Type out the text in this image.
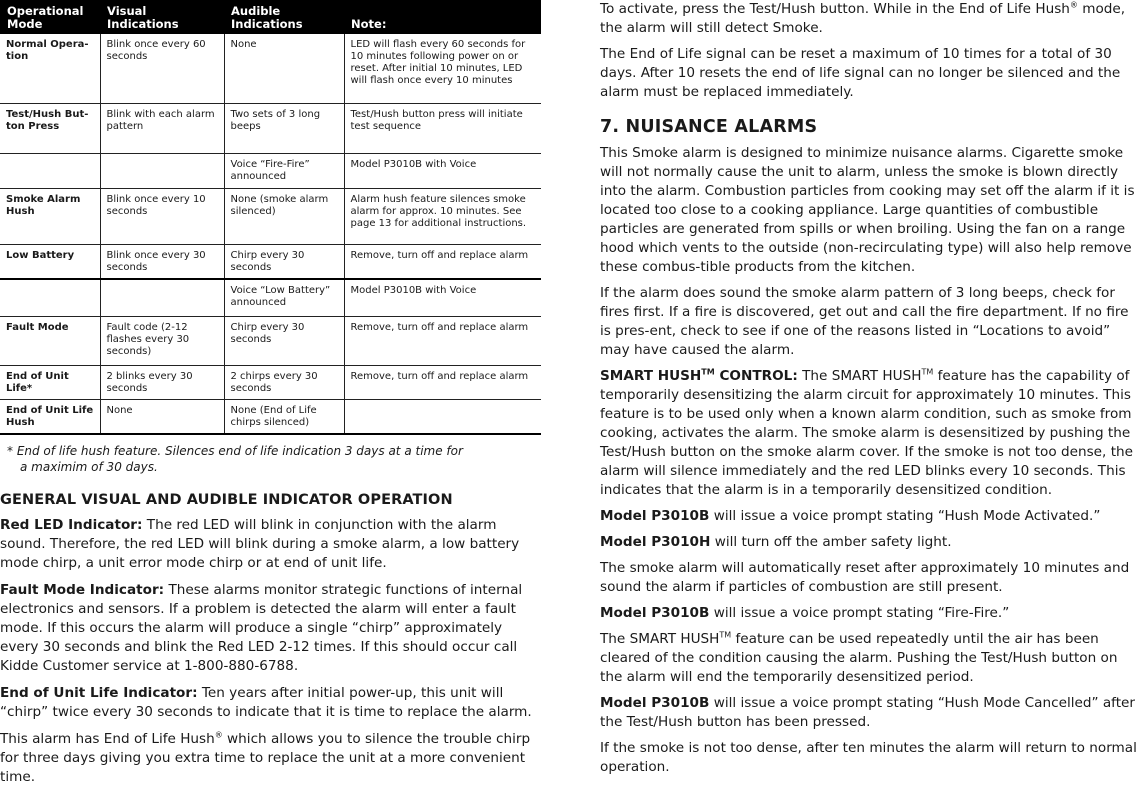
Operational Mode	Visual Indications	Audible Indications	Note:
Normal Opera-tion	Blink once every 60 seconds	None	LED will flash every 60 seconds for 10 minutes following power on or reset. After initial 10 minutes, LED will flash once every 10 minutes
Test/Hush But-ton Press	Blink with each alarm pattern	Two sets of 3 long beeps	Test/Hush button press will initiate test sequence
		Voice “Fire-Fire” announced	Model P3010B with Voice
Smoke Alarm Hush	Blink once every 10 seconds	None (smoke alarm silenced)	Alarm hush feature silences smoke alarm for approx. 10 minutes. See page 13 for additional instructions.
Low Battery	Blink once every 30 seconds	Chirp every 30 seconds	Remove, turn off and replace alarm
		Voice “Low Battery” announced	Model P3010B with Voice
Fault Mode	Fault code (2-12 flashes every 30 seconds)	Chirp every 30 seconds	Remove, turn off and replace alarm
End of Unit Life*	2 blinks every 30 seconds	2 chirps every 30 seconds	Remove, turn off and replace alarm
End of Unit Life Hush	None	None (End of Life chirps silenced)	
* End of life hush feature. Silences end of life indication 3 days at a time for
a maximim of 30 days.
GENERAL VISUAL AND AUDIBLE INDICATOR OPERATION

Red LED Indicator: The red LED will blink in conjunction with the alarm sound. Therefore, the red LED will blink during a smoke alarm, a low battery mode chirp, a unit error mode chirp or at end of unit life.

Fault Mode Indicator: These alarms monitor strategic functions of internal electronics and sensors. If a problem is detected the alarm will enter a fault mode. If this occurs the alarm will produce a single “chirp” approximately every 30 seconds and blink the Red LED 2-12 times. If this should occur call Kidde Customer service at 1-800-880-6788.

End of Unit Life Indicator: Ten years after initial power-up, this unit will “chirp” twice every 30 seconds to indicate that it is time to replace the alarm.

This alarm has End of Life Hush® which allows you to silence the trouble chirp for three days giving you extra time to replace the unit at a more convenient time.

To activate, press the Test/Hush button. While in the End of Life Hush® mode, the alarm will still detect Smoke.

The End of Life signal can be reset a maximum of 10 times for a total of 30 days. After 10 resets the end of life signal can no longer be silenced and the alarm must be replaced immediately.

7. NUISANCE ALARMS

This Smoke alarm is designed to minimize nuisance alarms. Cigarette smoke will not normally cause the unit to alarm, unless the smoke is blown directly into the alarm. Combustion particles from cooking may set off the alarm if it is located too close to a cooking appliance. Large quantities of combustible particles are generated from spills or when broiling. Using the fan on a range hood which vents to the outside (non-recirculating type) will also help remove these combus-tible products from the kitchen.

If the alarm does sound the smoke alarm pattern of 3 long beeps, check for fires first. If a fire is discovered, get out and call the fire department. If no fire is pres-ent, check to see if one of the reasons listed in “Locations to avoid” may have caused the alarm.

SMART HUSH™ CONTROL: The SMART HUSH™ feature has the capability of temporarily desensitizing the alarm circuit for approximately 10 minutes. This feature is to be used only when a known alarm condition, such as smoke from cooking, activates the alarm. The smoke alarm is desensitized by pushing the Test/Hush button on the smoke alarm cover. If the smoke is not too dense, the alarm will silence immediately and the red LED blinks every 10 seconds. This indicates that the alarm is in a temporarily desensitized condition.

Model P3010B will issue a voice prompt stating “Hush Mode Activated.”

Model P3010H will turn off the amber safety light.

The smoke alarm will automatically reset after approximately 10 minutes and sound the alarm if particles of combustion are still present.

Model P3010B will issue a voice prompt stating “Fire-Fire.”

The SMART HUSH™ feature can be used repeatedly until the air has been cleared of the condition causing the alarm. Pushing the Test/Hush button on the alarm will end the temporarily desensitized period.

Model P3010B will issue a voice prompt stating “Hush Mode Cancelled” after the Test/Hush button has been pressed.

If the smoke is not too dense, after ten minutes the alarm will return to normal operation.
